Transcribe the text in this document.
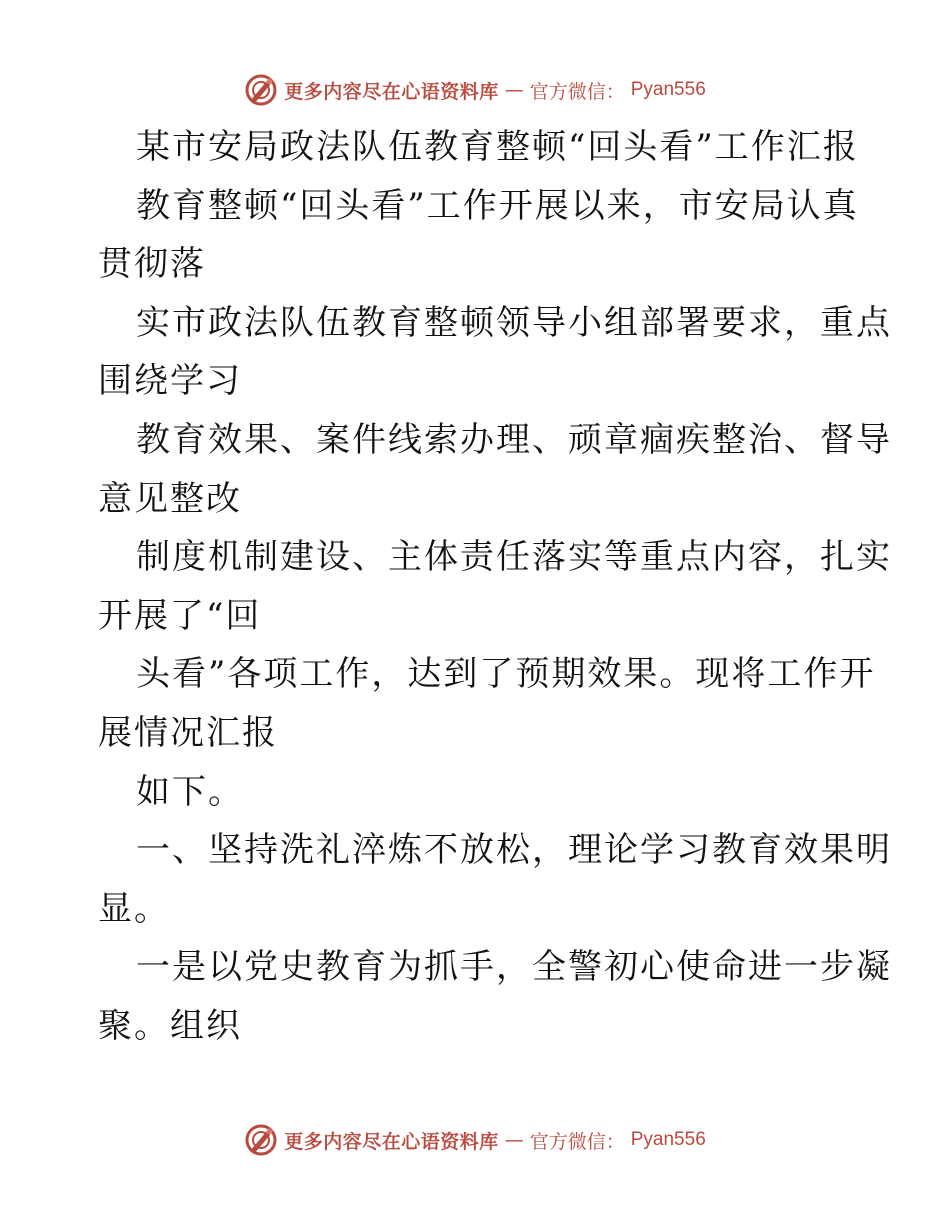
更多内容尽在心语资料库 — 官方微信： Pyan556
某市安局政法队伍教育整顿“回头看”工作汇报
教育整顿“回头看”工作开展以来，市安局认真
贯彻落
实市政法队伍教育整顿领导小组部署要求，重点
围绕学习
教育效果、案件线索办理、顽章痼疾整治、督导
意见整改
制度机制建设、主体责任落实等重点内容，扎实
开展了“回
头看”各项工作，达到了预期效果。现将工作开
展情况汇报
如下。
一、坚持洗礼淬炼不放松，理论学习教育效果明
显。
一是以党史教育为抓手，全警初心使命进一步凝
聚。组织
更多内容尽在心语资料库 — 官方微信： Pyan556
